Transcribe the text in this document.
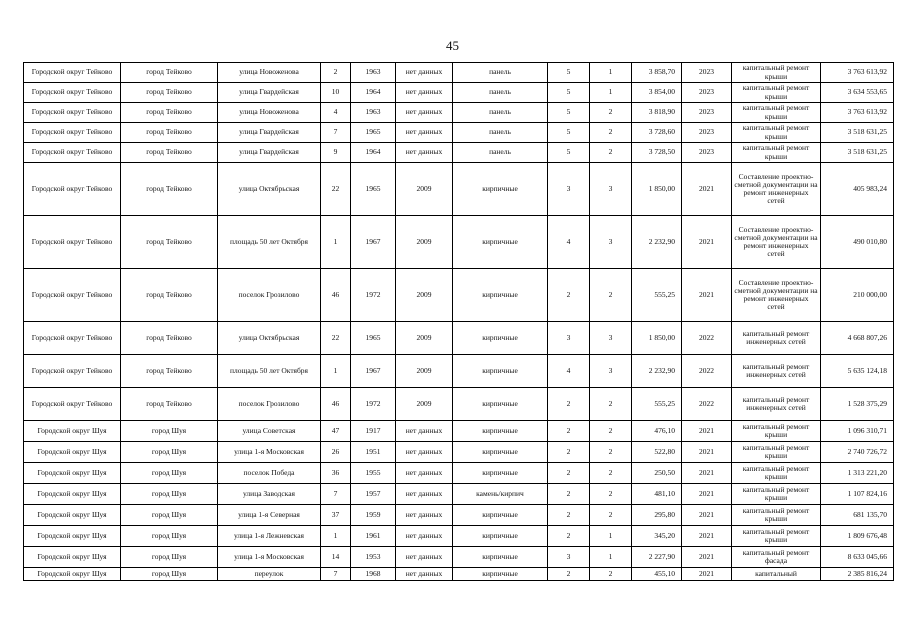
45
Городской округ Тейково	город Тейково	улица Новоженова	2	1963	нет данных	панель	5	1	3 858,70	2023	капитальный ремонт крыши	3 763 613,92
Городской округ Тейково	город Тейково	улица Гвардейская	10	1964	нет данных	панель	5	1	3 854,00	2023	капитальный ремонт крыши	3 634 553,65
Городской округ Тейково	город Тейково	улица Новоженова	4	1963	нет данных	панель	5	2	3 818,90	2023	капитальный ремонт крыши	3 763 613,92
Городской округ Тейково	город Тейково	улица Гвардейская	7	1965	нет данных	панель	5	2	3 728,60	2023	капитальный ремонт крыши	3 518 631,25
Городской округ Тейково	город Тейково	улица Гвардейская	9	1964	нет данных	панель	5	2	3 728,50	2023	капитальный ремонт крыши	3 518 631,25
Городской округ Тейково	город Тейково	улица Октябрьская	22	1965	2009	кирпичные	3	3	1 850,00	2021	Составление проектно-сметной документации на ремонт инженерных сетей	405 983,24
Городской округ Тейково	город Тейково	площадь 50 лет Октября	1	1967	2009	кирпичные	4	3	2 232,90	2021	Составление проектно-сметной документации на ремонт инженерных сетей	490 010,80
Городской округ Тейково	город Тейково	поселок Грозилово	46	1972	2009	кирпичные	2	2	555,25	2021	Составление проектно-сметной документации на ремонт инженерных сетей	210 000,00
Городской округ Тейково	город Тейково	улица Октябрьская	22	1965	2009	кирпичные	3	3	1 850,00	2022	капитальный ремонт инженерных сетей	4 668 807,26
Городской округ Тейково	город Тейково	площадь 50 лет Октября	1	1967	2009	кирпичные	4	3	2 232,90	2022	капитальный ремонт инженерных сетей	5 635 124,18
Городской округ Тейково	город Тейково	поселок Грозилово	46	1972	2009	кирпичные	2	2	555,25	2022	капитальный ремонт инженерных сетей	1 528 375,29
Городской округ Шуя	город Шуя	улица Советская	47	1917	нет данных	кирпичные	2	2	476,10	2021	капитальный ремонт крыши	1 096 310,71
Городской округ Шуя	город Шуя	улица 1-я Московская	26	1951	нет данных	кирпичные	2	2	522,80	2021	капитальный ремонт крыши	2 740 726,72
Городской округ Шуя	город Шуя	поселок Победа	36	1955	нет данных	кирпичные	2	2	250,50	2021	капитальный ремонт крыши	1 313 221,20
Городской округ Шуя	город Шуя	улица Заводская	7	1957	нет данных	камень/кирпич	2	2	481,10	2021	капитальный ремонт крыши	1 107 824,16
Городской округ Шуя	город Шуя	улица 1-я Северная	37	1959	нет данных	кирпичные	2	2	295,80	2021	капитальный ремонт крыши	681 135,70
Городской округ Шуя	город Шуя	улица 1-я Лежневская	1	1961	нет данных	кирпичные	2	1	345,20	2021	капитальный ремонт крыши	1 809 676,48
Городской округ Шуя	город Шуя	улица 1-я Московская	14	1953	нет данных	кирпичные	3	1	2 227,90	2021	капитальный ремонт фасада	8 633 045,66
Городской округ Шуя	город Шуя	переулок	7	1968	нет данных	кирпичные	2	2	455,10	2021	капитальный	2 385 816,24
